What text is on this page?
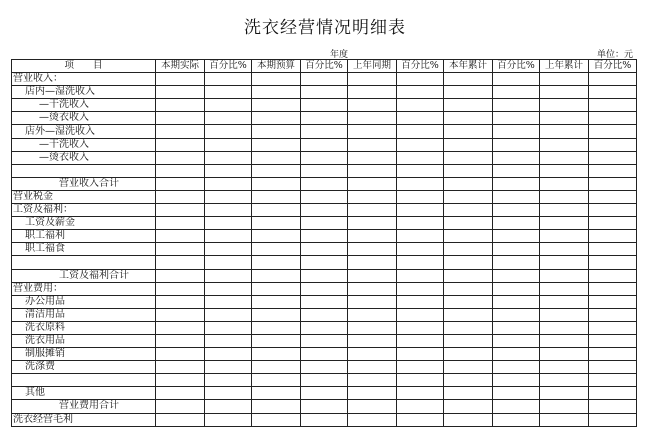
洗衣经营情况明细表
年度	单位：元
项　　目	本期实际	百分比%	本期预算	百分比%	上年同期	百分比%	本年累计	百分比%	上年累计	百分比%
营业收入：										
店内—湿洗收入										
—干洗收入										
—烫衣收入										
店外—湿洗收入										
—干洗收入										
—烫衣收入										

营业收入合计										
营业税金										
工资及福利：										
工资及薪金										
职工福利										
职工福食										

工资及福利合计										
营业费用：										
办公用品										
清洁用品										
洗衣原料										
洗衣用品										
制服摊销										
洗涤费										

其他										
营业费用合计										
洗衣经营毛利										
